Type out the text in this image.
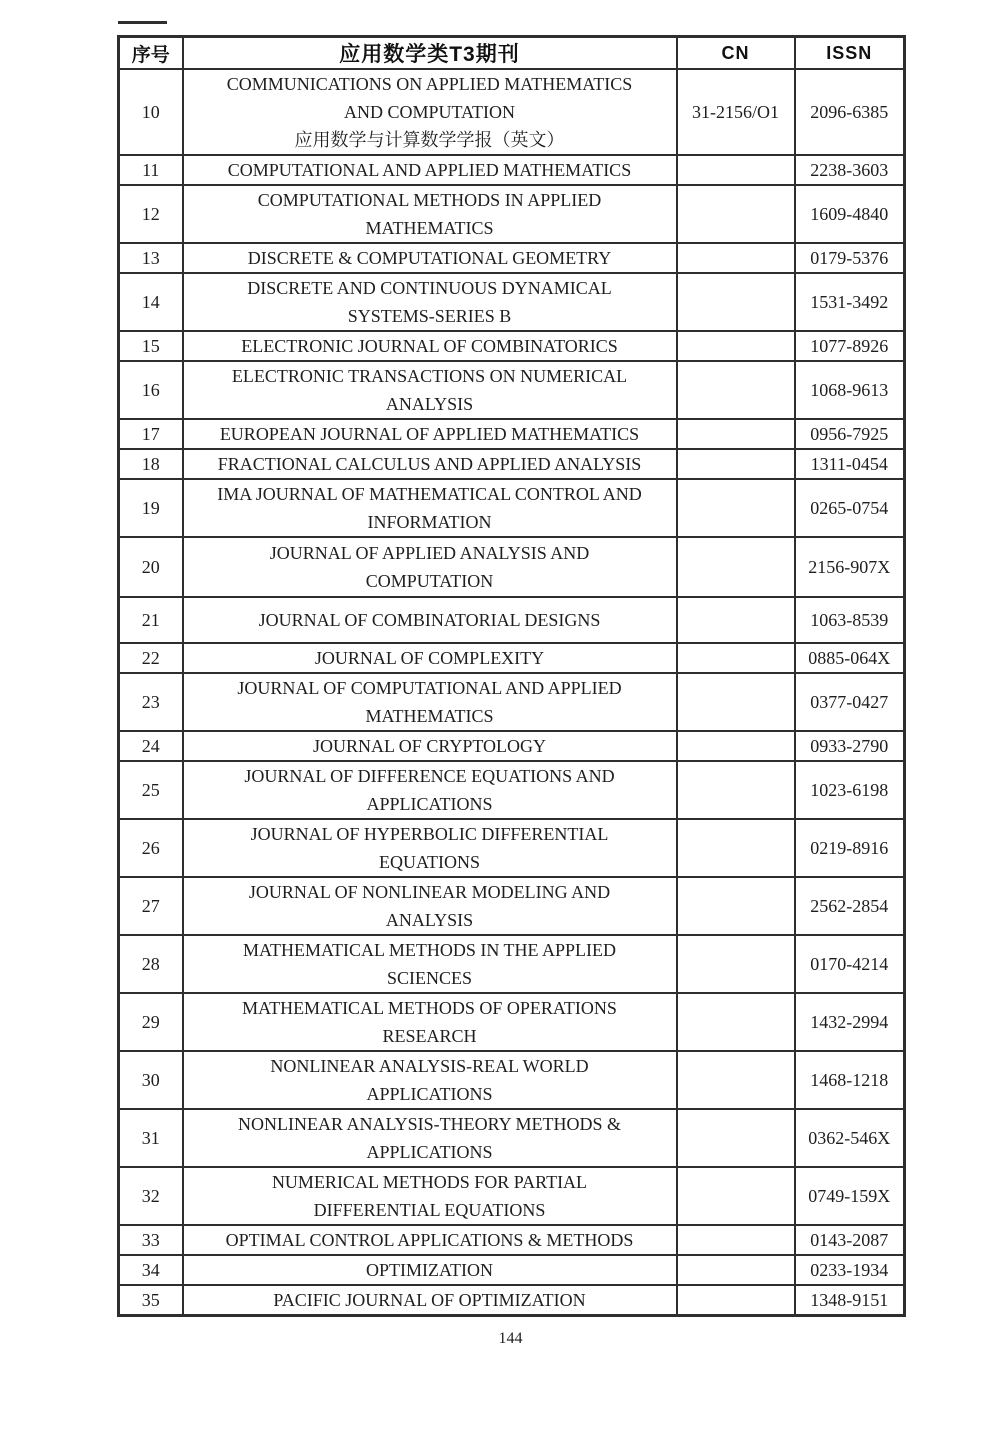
序号	应用数学类T3期刊	CN	ISSN
10	COMMUNICATIONS ON APPLIED MATHEMATICS
AND COMPUTATION
应用数学与计算数学学报（英文）	31-2156/O1	2096-6385
11	COMPUTATIONAL AND APPLIED MATHEMATICS		2238-3603
12	COMPUTATIONAL METHODS IN APPLIED
MATHEMATICS		1609-4840
13	DISCRETE & COMPUTATIONAL GEOMETRY		0179-5376
14	DISCRETE AND CONTINUOUS DYNAMICAL
SYSTEMS-SERIES B		1531-3492
15	ELECTRONIC JOURNAL OF COMBINATORICS		1077-8926
16	ELECTRONIC TRANSACTIONS ON NUMERICAL
ANALYSIS		1068-9613
17	EUROPEAN JOURNAL OF APPLIED MATHEMATICS		0956-7925
18	FRACTIONAL CALCULUS AND APPLIED ANALYSIS		1311-0454
19	IMA JOURNAL OF MATHEMATICAL CONTROL AND
INFORMATION		0265-0754
20	JOURNAL OF APPLIED ANALYSIS AND
COMPUTATION		2156-907X
21	JOURNAL OF COMBINATORIAL DESIGNS		1063-8539
22	JOURNAL OF COMPLEXITY		0885-064X
23	JOURNAL OF COMPUTATIONAL AND APPLIED
MATHEMATICS		0377-0427
24	JOURNAL OF CRYPTOLOGY		0933-2790
25	JOURNAL OF DIFFERENCE EQUATIONS AND
APPLICATIONS		1023-6198
26	JOURNAL OF HYPERBOLIC DIFFERENTIAL
EQUATIONS		0219-8916
27	JOURNAL OF NONLINEAR MODELING AND
ANALYSIS		2562-2854
28	MATHEMATICAL METHODS IN THE APPLIED
SCIENCES		0170-4214
29	MATHEMATICAL METHODS OF OPERATIONS
RESEARCH		1432-2994
30	NONLINEAR ANALYSIS-REAL WORLD
APPLICATIONS		1468-1218
31	NONLINEAR ANALYSIS-THEORY METHODS &
APPLICATIONS		0362-546X
32	NUMERICAL METHODS FOR PARTIAL
DIFFERENTIAL EQUATIONS		0749-159X
33	OPTIMAL CONTROL APPLICATIONS & METHODS		0143-2087
34	OPTIMIZATION		0233-1934
35	PACIFIC JOURNAL OF OPTIMIZATION		1348-9151
144
